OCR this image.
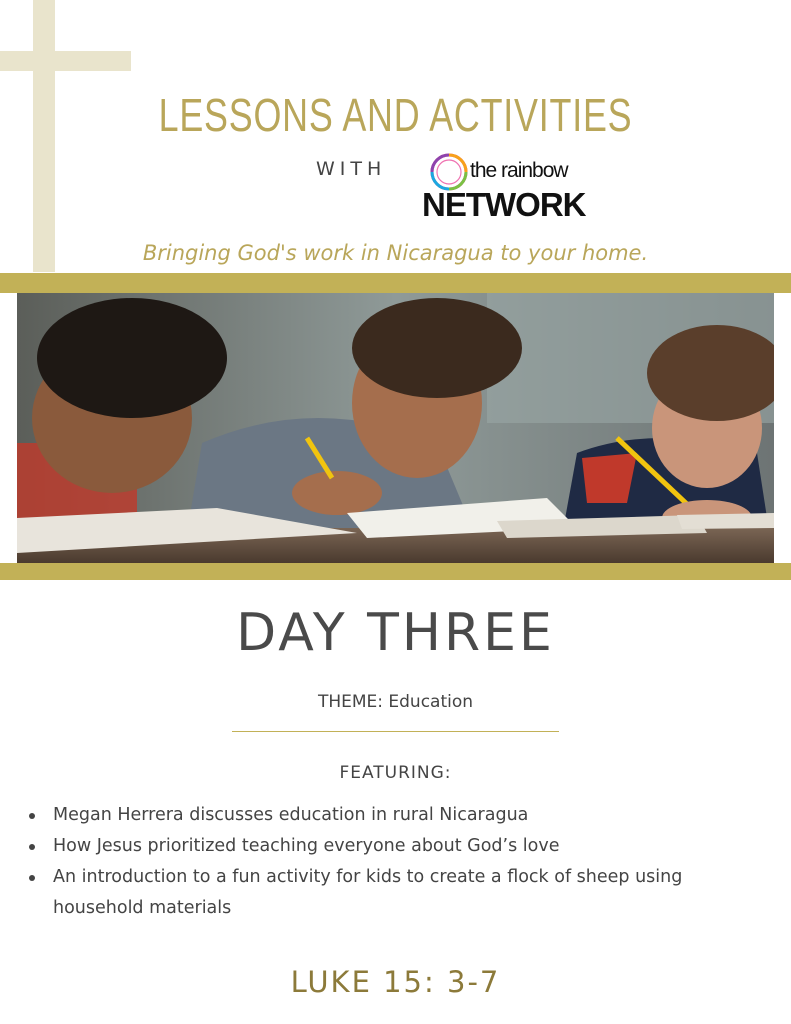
LESSONS AND ACTIVITIES
WITH	the rainbow
NETWORK
Bringing God's work in Nicaragua to your home.
DAY THREE
THEME: Education
FEATURING:
Megan Herrera discusses education in rural Nicaragua
How Jesus prioritized teaching everyone about God’s love
An introduction to a fun activity for kids to create a flock of sheep using household materials
LUKE 15: 3-7
